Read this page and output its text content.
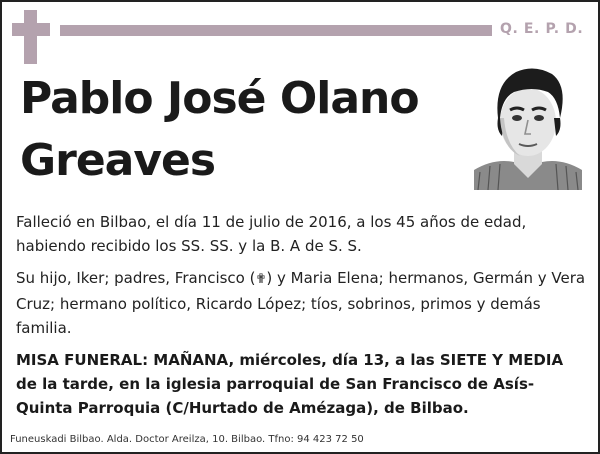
Q. E. P. D.
Pablo José Olano
Greaves

Falleció en Bilbao, el día 11 de julio de 2016, a los 45 años de edad, habiendo recibido los SS. SS. y la B. A de S. S.

Su hijo, Iker; padres, Francisco (✟) y Maria Elena; hermanos, Germán y Vera Cruz; hermano político, Ricardo López; tíos, sobrinos, primos y demás familia.

MISA FUNERAL: MAÑANA, miércoles, día 13, a las SIETE Y MEDIA de la tarde, en la iglesia parroquial de San Francisco de Asís-Quinta Parroquia (C/Hurtado de Amézaga), de Bilbao.

Funeuskadi Bilbao. Alda. Doctor Areilza, 10. Bilbao. Tfno: 94 423 72 50
